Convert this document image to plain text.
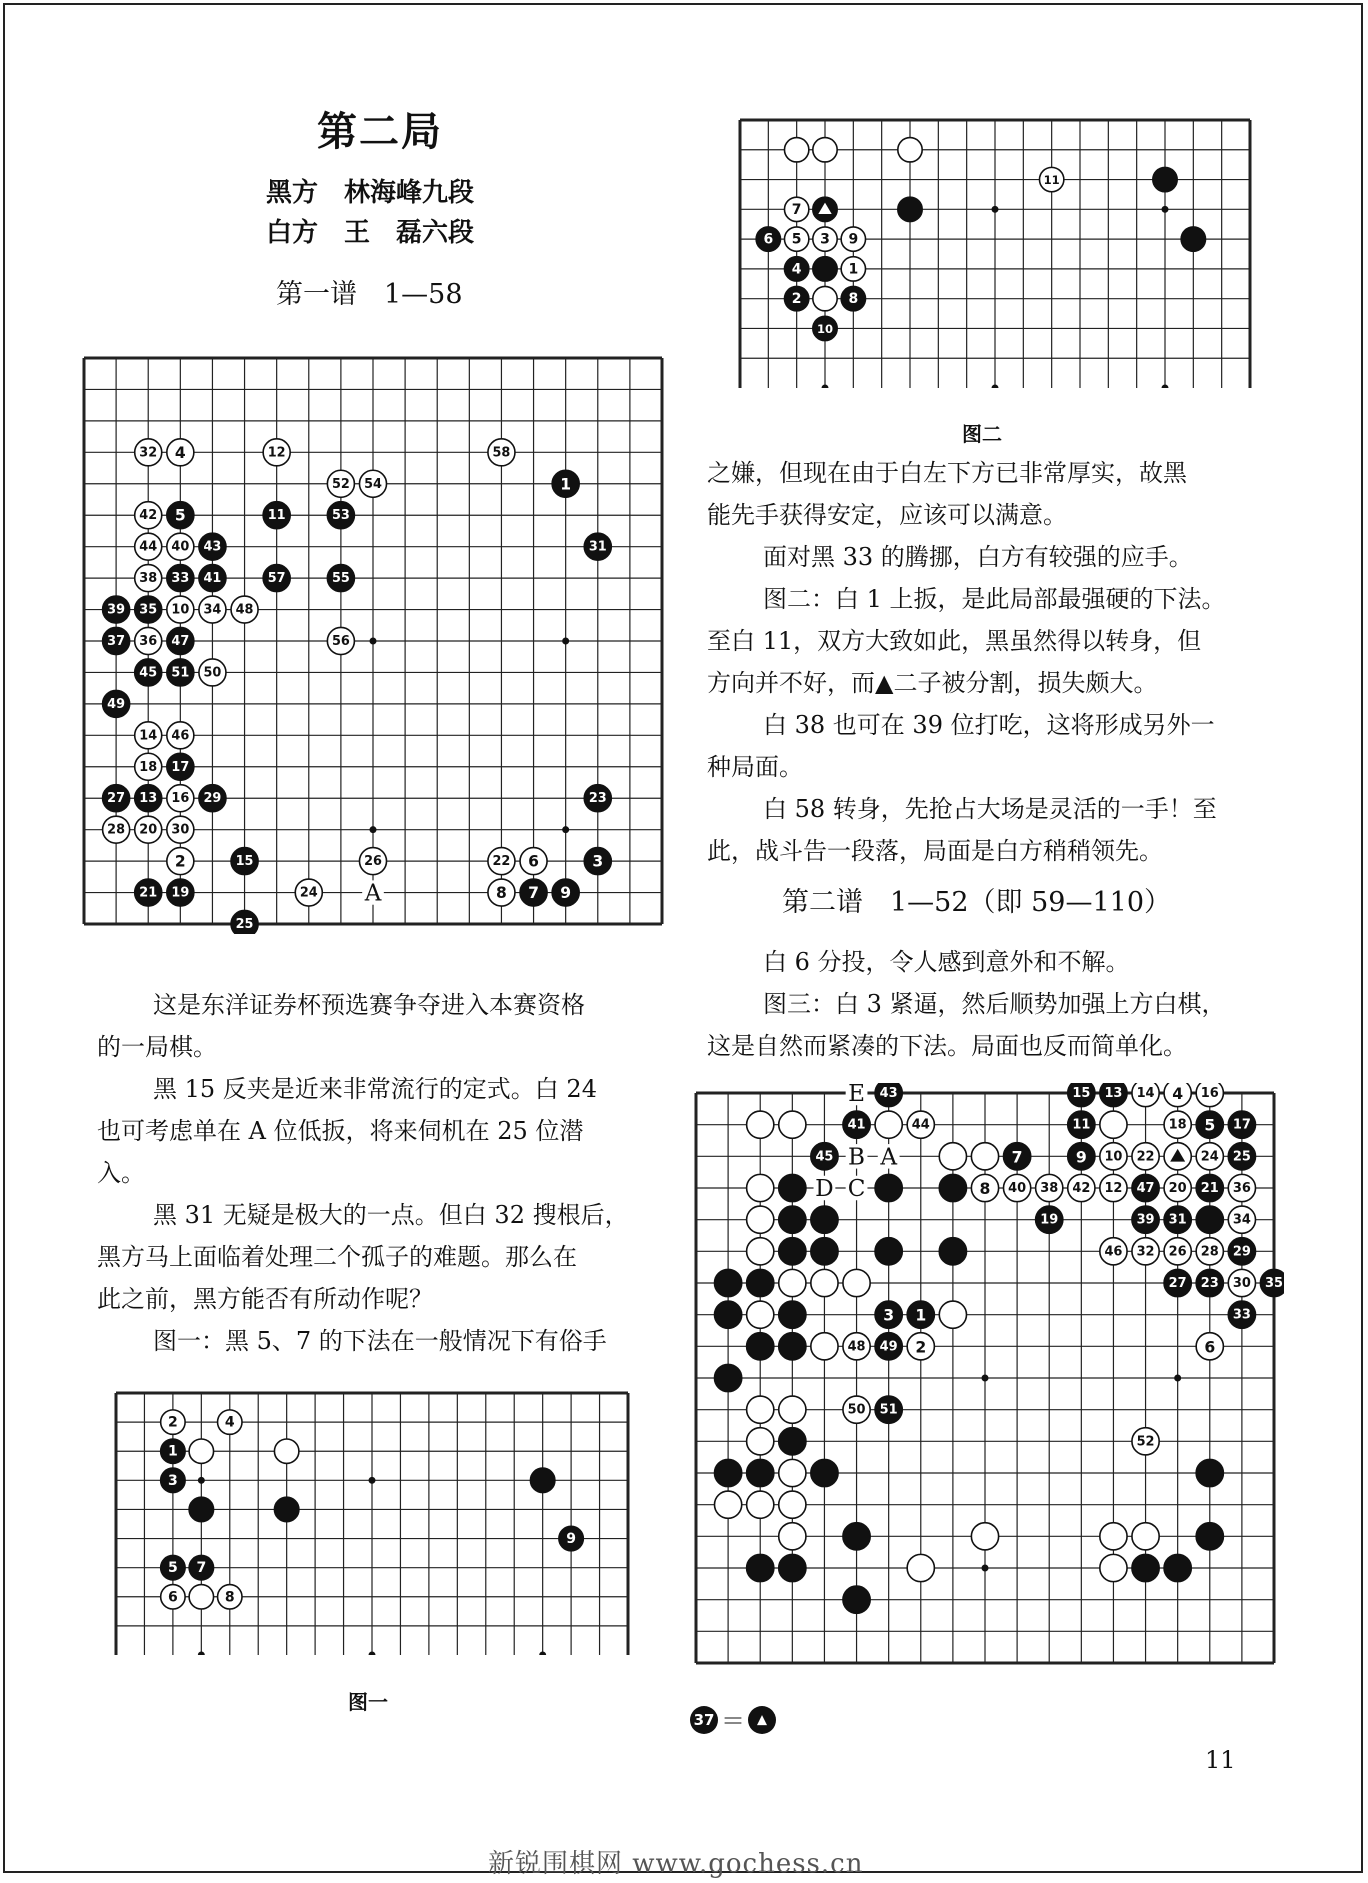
第二局
黑方　林海峰九段
白方　王　磊六段
第一谱　1—58
32 4	12	58
1
52 54
42 5	11	53
44 40 43	31
38 33 41	57	55
39 35 10 34 48
37 36 47	56
45 51 50
49
14 46
18 17
27 13 16 29	23
28 20 30
2	15	26	22 6	3
21 19	24	8 7 9
25
A
2	4
1
3
9
5 7
6	8
11
7
6 5 3 9
4	1
2	8
10
43	15 13 14 4 16
41	44	11	18 5 17
45	7	9 10 22	24 25
8 40 38 42 12 47 20 21 36
19	39 31	34
46 32 26 28 29
27 23 30 35
3 1	33
48 49 2	6
50 51
52
E
B A
D C
图一
图二
这是东洋证券杯预选赛争夺进入本赛资格
的一局棋。
黑 15 反夹是近来非常流行的定式。白 24
也可考虑单在 A 位低扳，将来伺机在 25 位潜
入。
黑 31 无疑是极大的一点。但白 32 搜根后，
黑方马上面临着处理二个孤子的难题。那么在
此之前，黑方能否有所动作呢？
图一：黑 5、7 的下法在一般情况下有俗手
之嫌，但现在由于白左下方已非常厚实，故黑
能先手获得安定，应该可以满意。
面对黑 33 的腾挪，白方有较强的应手。
图二：白 1 上扳，是此局部最强硬的下法。
至白 11，双方大致如此，黑虽然得以转身，但
方向并不好，而▲二子被分割，损失颇大。
白 38 也可在 39 位打吃，这将形成另外一
种局面。
白 58 转身，先抢占大场是灵活的一手！至
此，战斗告一段落，局面是白方稍稍领先。
第二谱　1—52（即 59—110）
白 6 分投，令人感到意外和不解。
图三：白 3 紧逼，然后顺势加强上方白棋，
这是自然而紧凑的下法。局面也反而简单化。
37 ＝ ▲
11
新锐围棋网 www.gochess.cn
